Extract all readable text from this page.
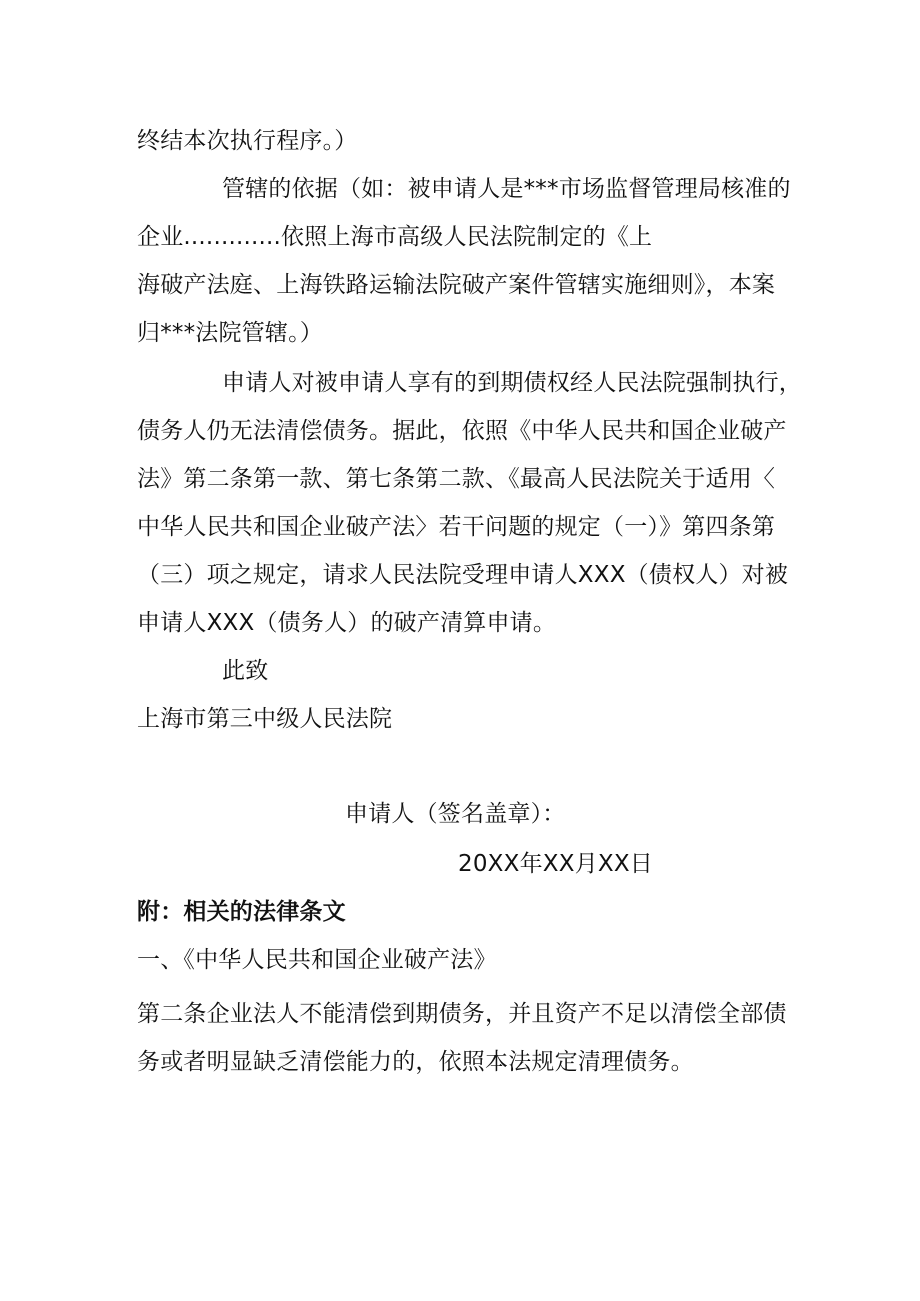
终结本次执行程序。）
管辖的依据（如：被申请人是***市场监督管理局核准的
企业.............依照上海市高级人民法院制定的《上
海破产法庭、上海铁路运输法院破产案件管辖实施细则》，本案
归***法院管辖。）
申请人对被申请人享有的到期债权经人民法院强制执行，
债务人仍无法清偿债务。据此，依照《中华人民共和国企业破产
法》第二条第一款、第七条第二款、《最高人民法院关于适用〈
中华人民共和国企业破产法〉若干问题的规定（一）》第四条第
（三）项之规定，请求人民法院受理申请人XXX（债权人）对被
申请人XXX（债务人）的破产清算申请。
此致
上海市第三中级人民法院
申请人（签名盖章）：
20XX年XX月XX日
附：相关的法律条文
一、《中华人民共和国企业破产法》
第二条企业法人不能清偿到期债务，并且资产不足以清偿全部债
务或者明显缺乏清偿能力的，依照本法规定清理债务。
